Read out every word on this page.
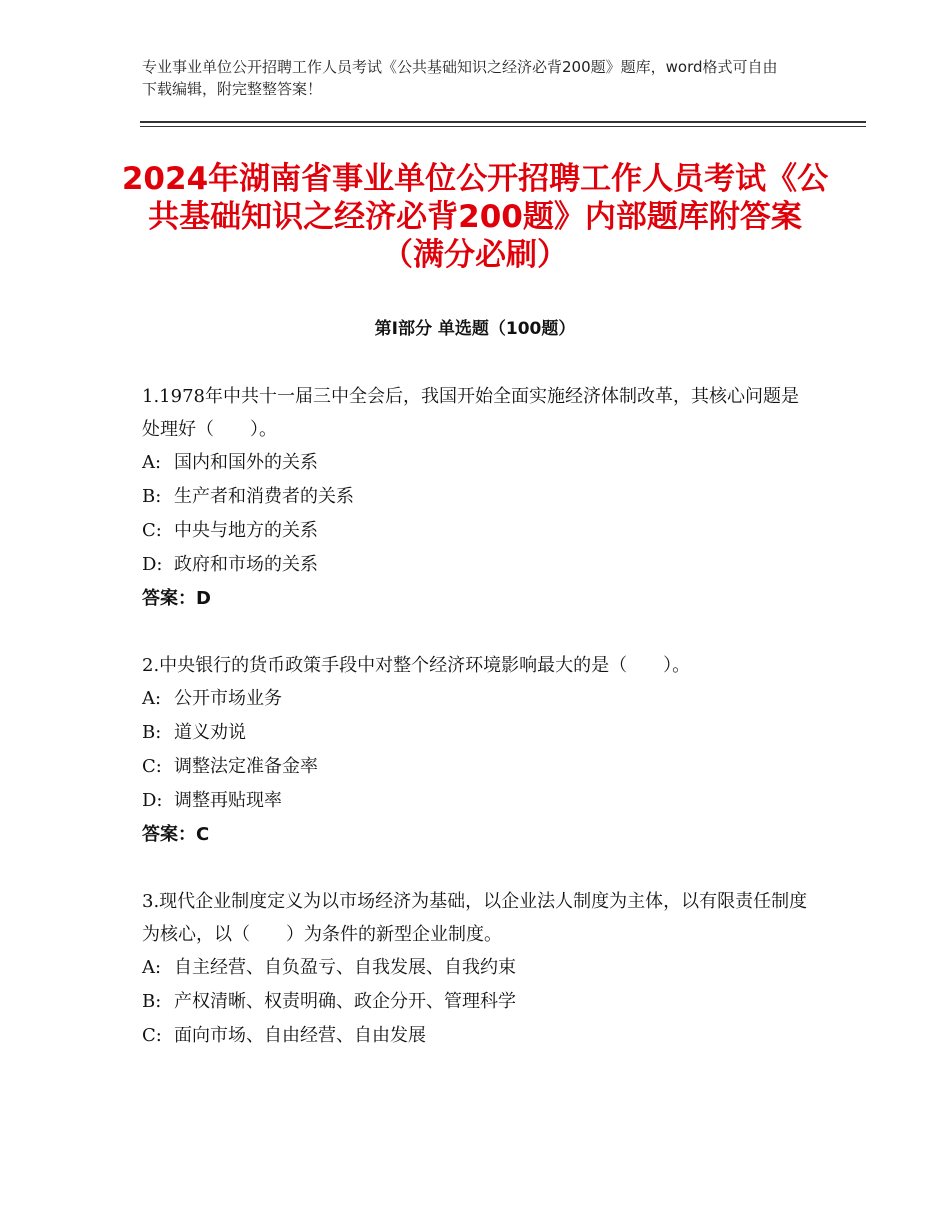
专业事业单位公开招聘工作人员考试《公共基础知识之经济必背200题》题库，word格式可自由下载编辑，附完整整答案！
2024年湖南省事业单位公开招聘工作人员考试《公共基础知识之经济必背200题》内部题库附答案（满分必刷）
第Ⅰ部分 单选题（100题）

1.1978年中共十一届三中全会后，我国开始全面实施经济体制改革，其核心问题是处理好（　　）。

A: 国内和国外的关系
B: 生产者和消费者的关系
C: 中央与地方的关系
D: 政府和市场的关系
答案：D

2.中央银行的货币政策手段中对整个经济环境影响最大的是（　　）。

A: 公开市场业务
B: 道义劝说
C: 调整法定准备金率
D: 调整再贴现率
答案：C

3.现代企业制度定义为以市场经济为基础，以企业法人制度为主体，以有限责任制度为核心，以（　　）为条件的新型企业制度。

A: 自主经营、自负盈亏、自我发展、自我约束
B: 产权清晰、权责明确、政企分开、管理科学
C: 面向市场、自由经营、自由发展
